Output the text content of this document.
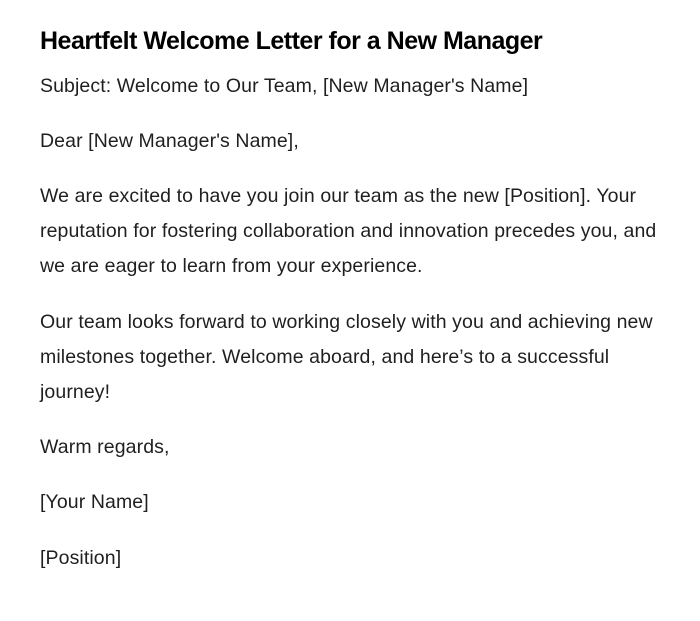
Heartfelt Welcome Letter for a New Manager

Subject: Welcome to Our Team, [New Manager's Name]

Dear [New Manager's Name],

We are excited to have you join our team as the new [Position]. Your reputation for fostering collaboration and innovation precedes you, and we are eager to learn from your experience.

Our team looks forward to working closely with you and achieving new milestones together. Welcome aboard, and here’s to a successful journey!

Warm regards,

[Your Name]

[Position]
